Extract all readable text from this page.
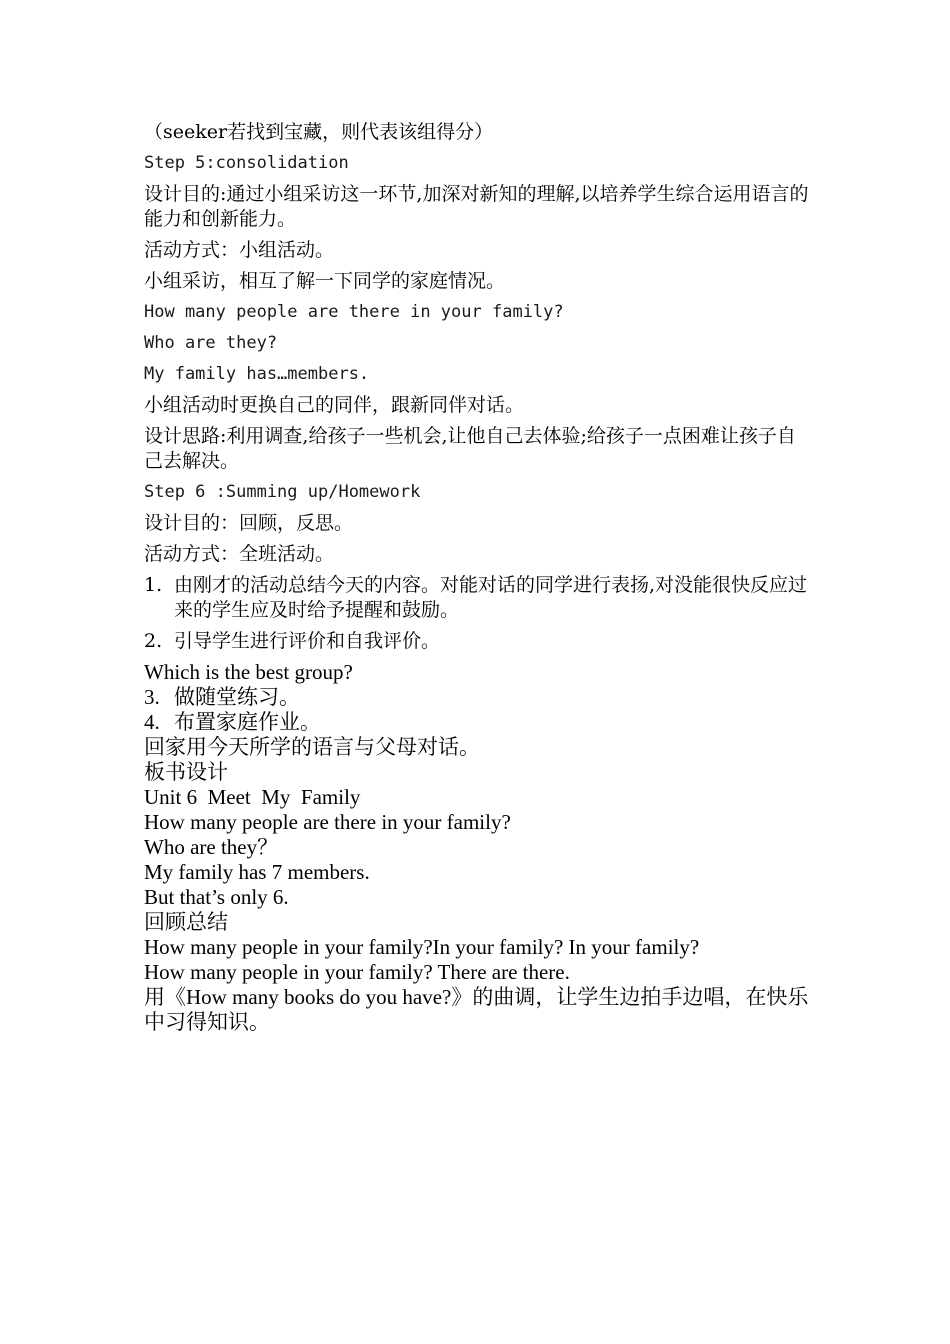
（seeker若找到宝藏，则代表该组得分）

Step 5:consolidation

设计目的:通过小组采访这一环节,加深对新知的理解,以培养学生综合运用语言的能力和创新能力。

活动方式：小组活动。

小组采访，相互了解一下同学的家庭情况。

How many people are there in your family?

Who are they?

My family has…members.

小组活动时更换自己的同伴，跟新同伴对话。

设计思路:利用调查,给孩子一些机会,让他自己去体验;给孩子一点困难让孩子自己去解决。

Step 6 :Summing up/Homework

设计目的：回顾，反思。

活动方式：全班活动。

1. 由刚才的活动总结今天的内容。对能对话的同学进行表扬,对没能很快反应过来的学生应及时给予提醒和鼓励。
2. 引导学生进行评价和自我评价。

Which is the best group?

3. 做随堂练习。
4. 布置家庭作业。

回家用今天所学的语言与父母对话。

板书设计

Unit 6  Meet  My  Family

How many people are there in your family?

Who are they？

My family has 7 members.

But that’s only 6.

回顾总结

How many people in your family?In your family? In your family?

How many people in your family? There are there.

用《How many books do you have?》的曲调，让学生边拍手边唱，在快乐中习得知识。
